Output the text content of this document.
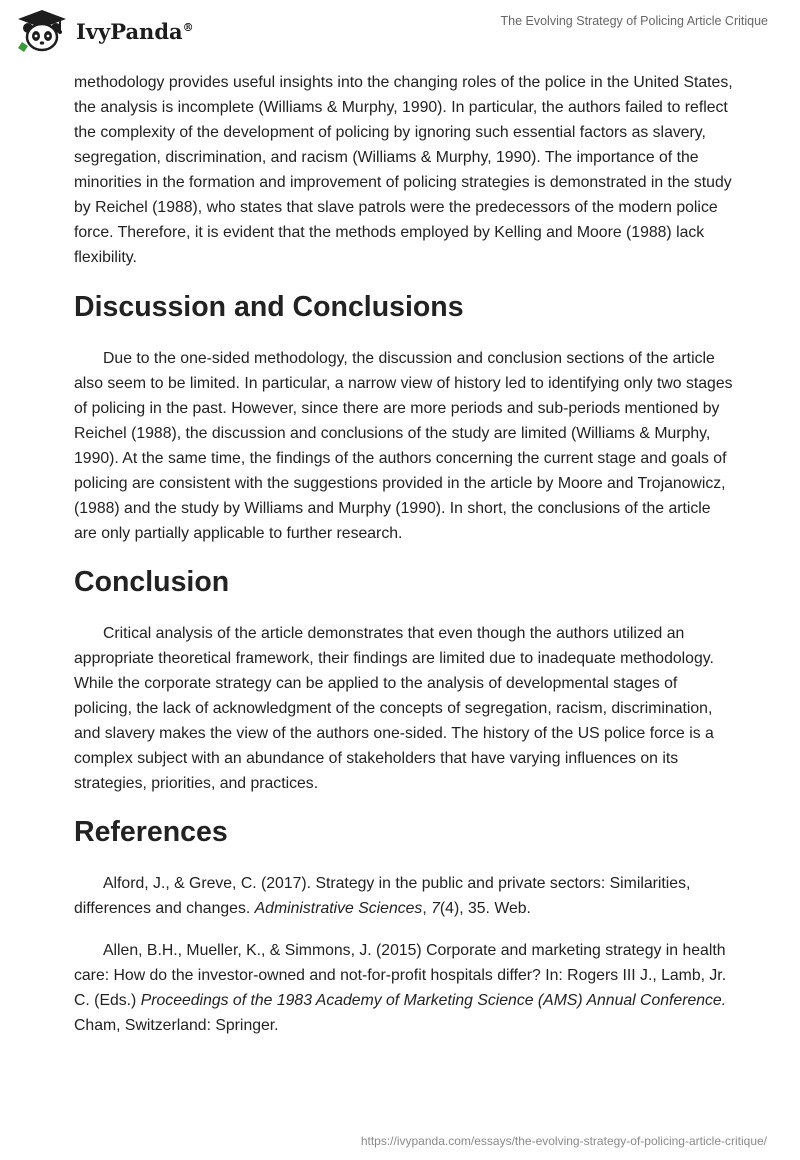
IvyPanda®	The Evolving Strategy of Policing Article Critique

methodology provides useful insights into the changing roles of the police in the United States, the analysis is incomplete (Williams & Murphy, 1990). In particular, the authors failed to reflect the complexity of the development of policing by ignoring such essential factors as slavery, segregation, discrimination, and racism (Williams & Murphy, 1990). The importance of the minorities in the formation and improvement of policing strategies is demonstrated in the study by Reichel (1988), who states that slave patrols were the predecessors of the modern police force. Therefore, it is evident that the methods employed by Kelling and Moore (1988) lack flexibility.

Discussion and Conclusions

Due to the one-sided methodology, the discussion and conclusion sections of the article also seem to be limited. In particular, a narrow view of history led to identifying only two stages of policing in the past. However, since there are more periods and sub-periods mentioned by Reichel (1988), the discussion and conclusions of the study are limited (Williams & Murphy, 1990). At the same time, the findings of the authors concerning the current stage and goals of policing are consistent with the suggestions provided in the article by Moore and Trojanowicz, (1988) and the study by Williams and Murphy (1990). In short, the conclusions of the article are only partially applicable to further research.

Conclusion

Critical analysis of the article demonstrates that even though the authors utilized an appropriate theoretical framework, their findings are limited due to inadequate methodology. While the corporate strategy can be applied to the analysis of developmental stages of policing, the lack of acknowledgment of the concepts of segregation, racism, discrimination, and slavery makes the view of the authors one-sided. The history of the US police force is a complex subject with an abundance of stakeholders that have varying influences on its strategies, priorities, and practices.

References

Alford, J., & Greve, C. (2017). Strategy in the public and private sectors: Similarities, differences and changes. Administrative Sciences, 7(4), 35. Web.

Allen, B.H., Mueller, K., & Simmons, J. (2015) Corporate and marketing strategy in health care: How do the investor-owned and not-for-profit hospitals differ? In: Rogers III J., Lamb, Jr. C. (Eds.) Proceedings of the 1983 Academy of Marketing Science (AMS) Annual Conference. Cham, Switzerland: Springer.

https://ivypanda.com/essays/the-evolving-strategy-of-policing-article-critique/
